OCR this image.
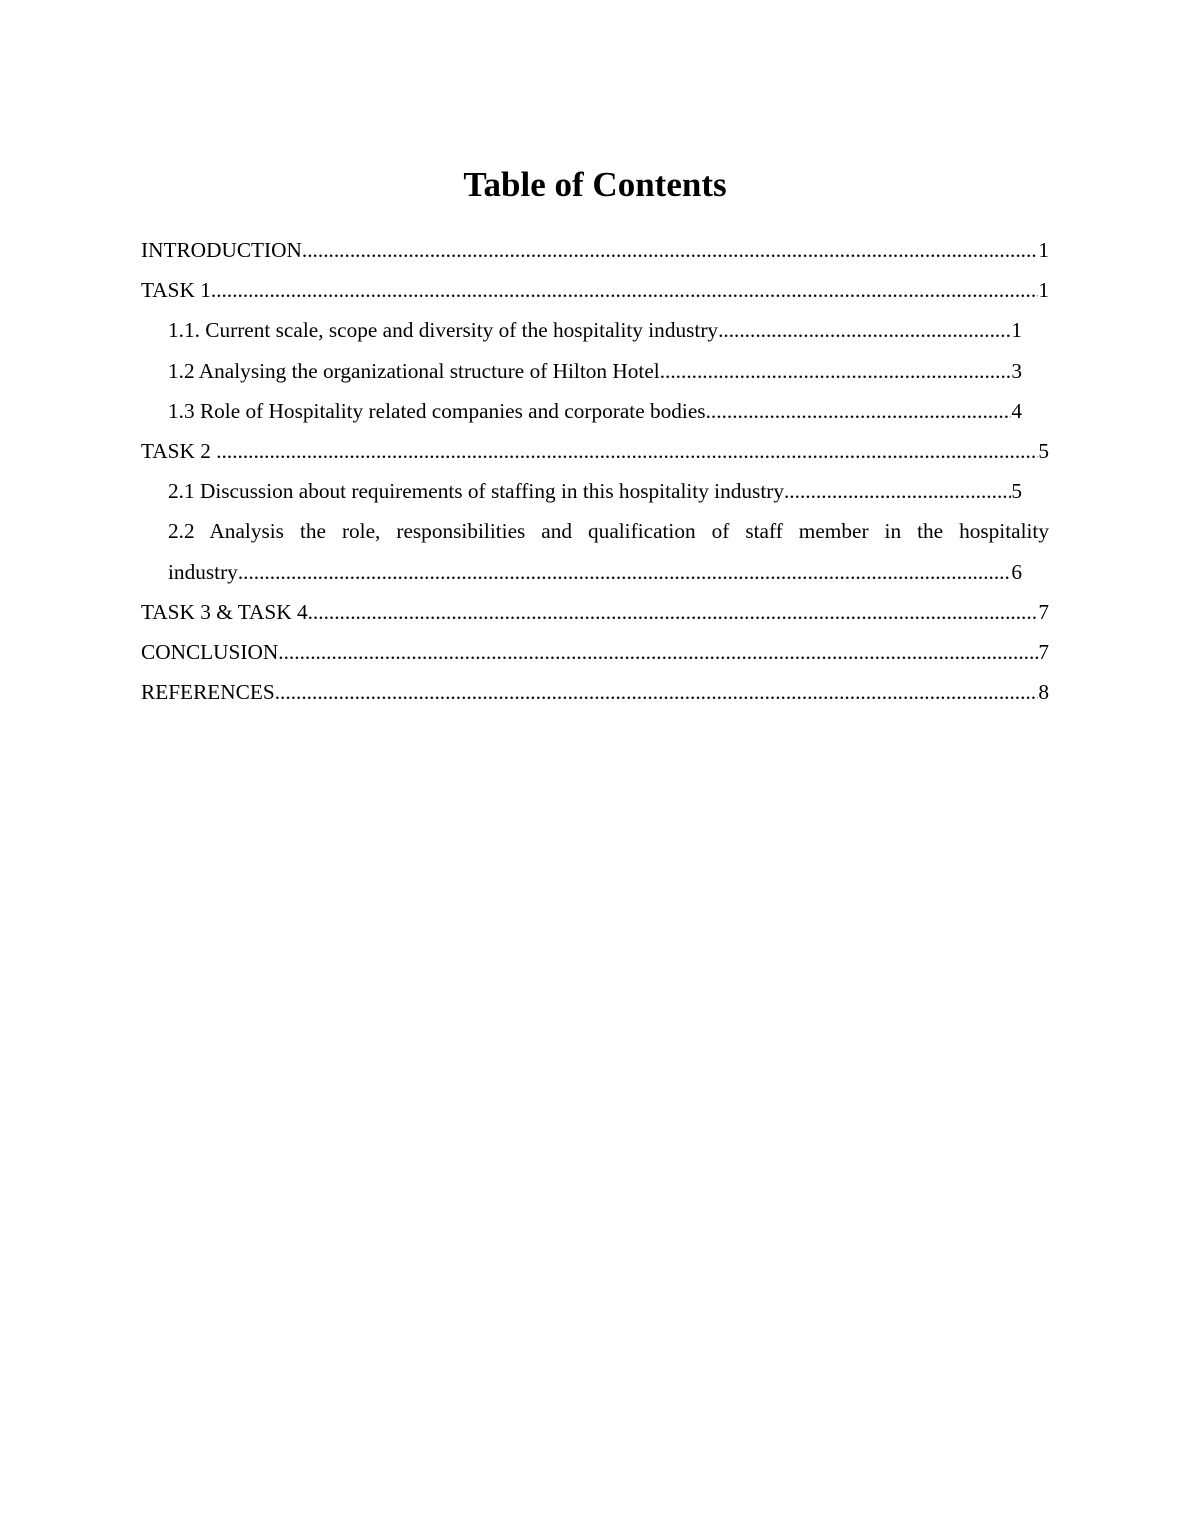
Table of Contents
INTRODUCTION .....	1
TASK 1 .....	1
1.1. Current scale, scope and diversity of the hospitality industry .....	1
1.2 Analysing the organizational structure of Hilton Hotel .....	3
1.3 Role of Hospitality related companies and corporate bodies .....	4
TASK 2 .....	5
2.1 Discussion about requirements of staffing in this hospitality industry .....	5
2.2 Analysis the role, responsibilities and qualification of staff member in the hospitality
industry .....	6
TASK 3 & TASK 4 .....	7
CONCLUSION .....	7
REFERENCES .....	8
